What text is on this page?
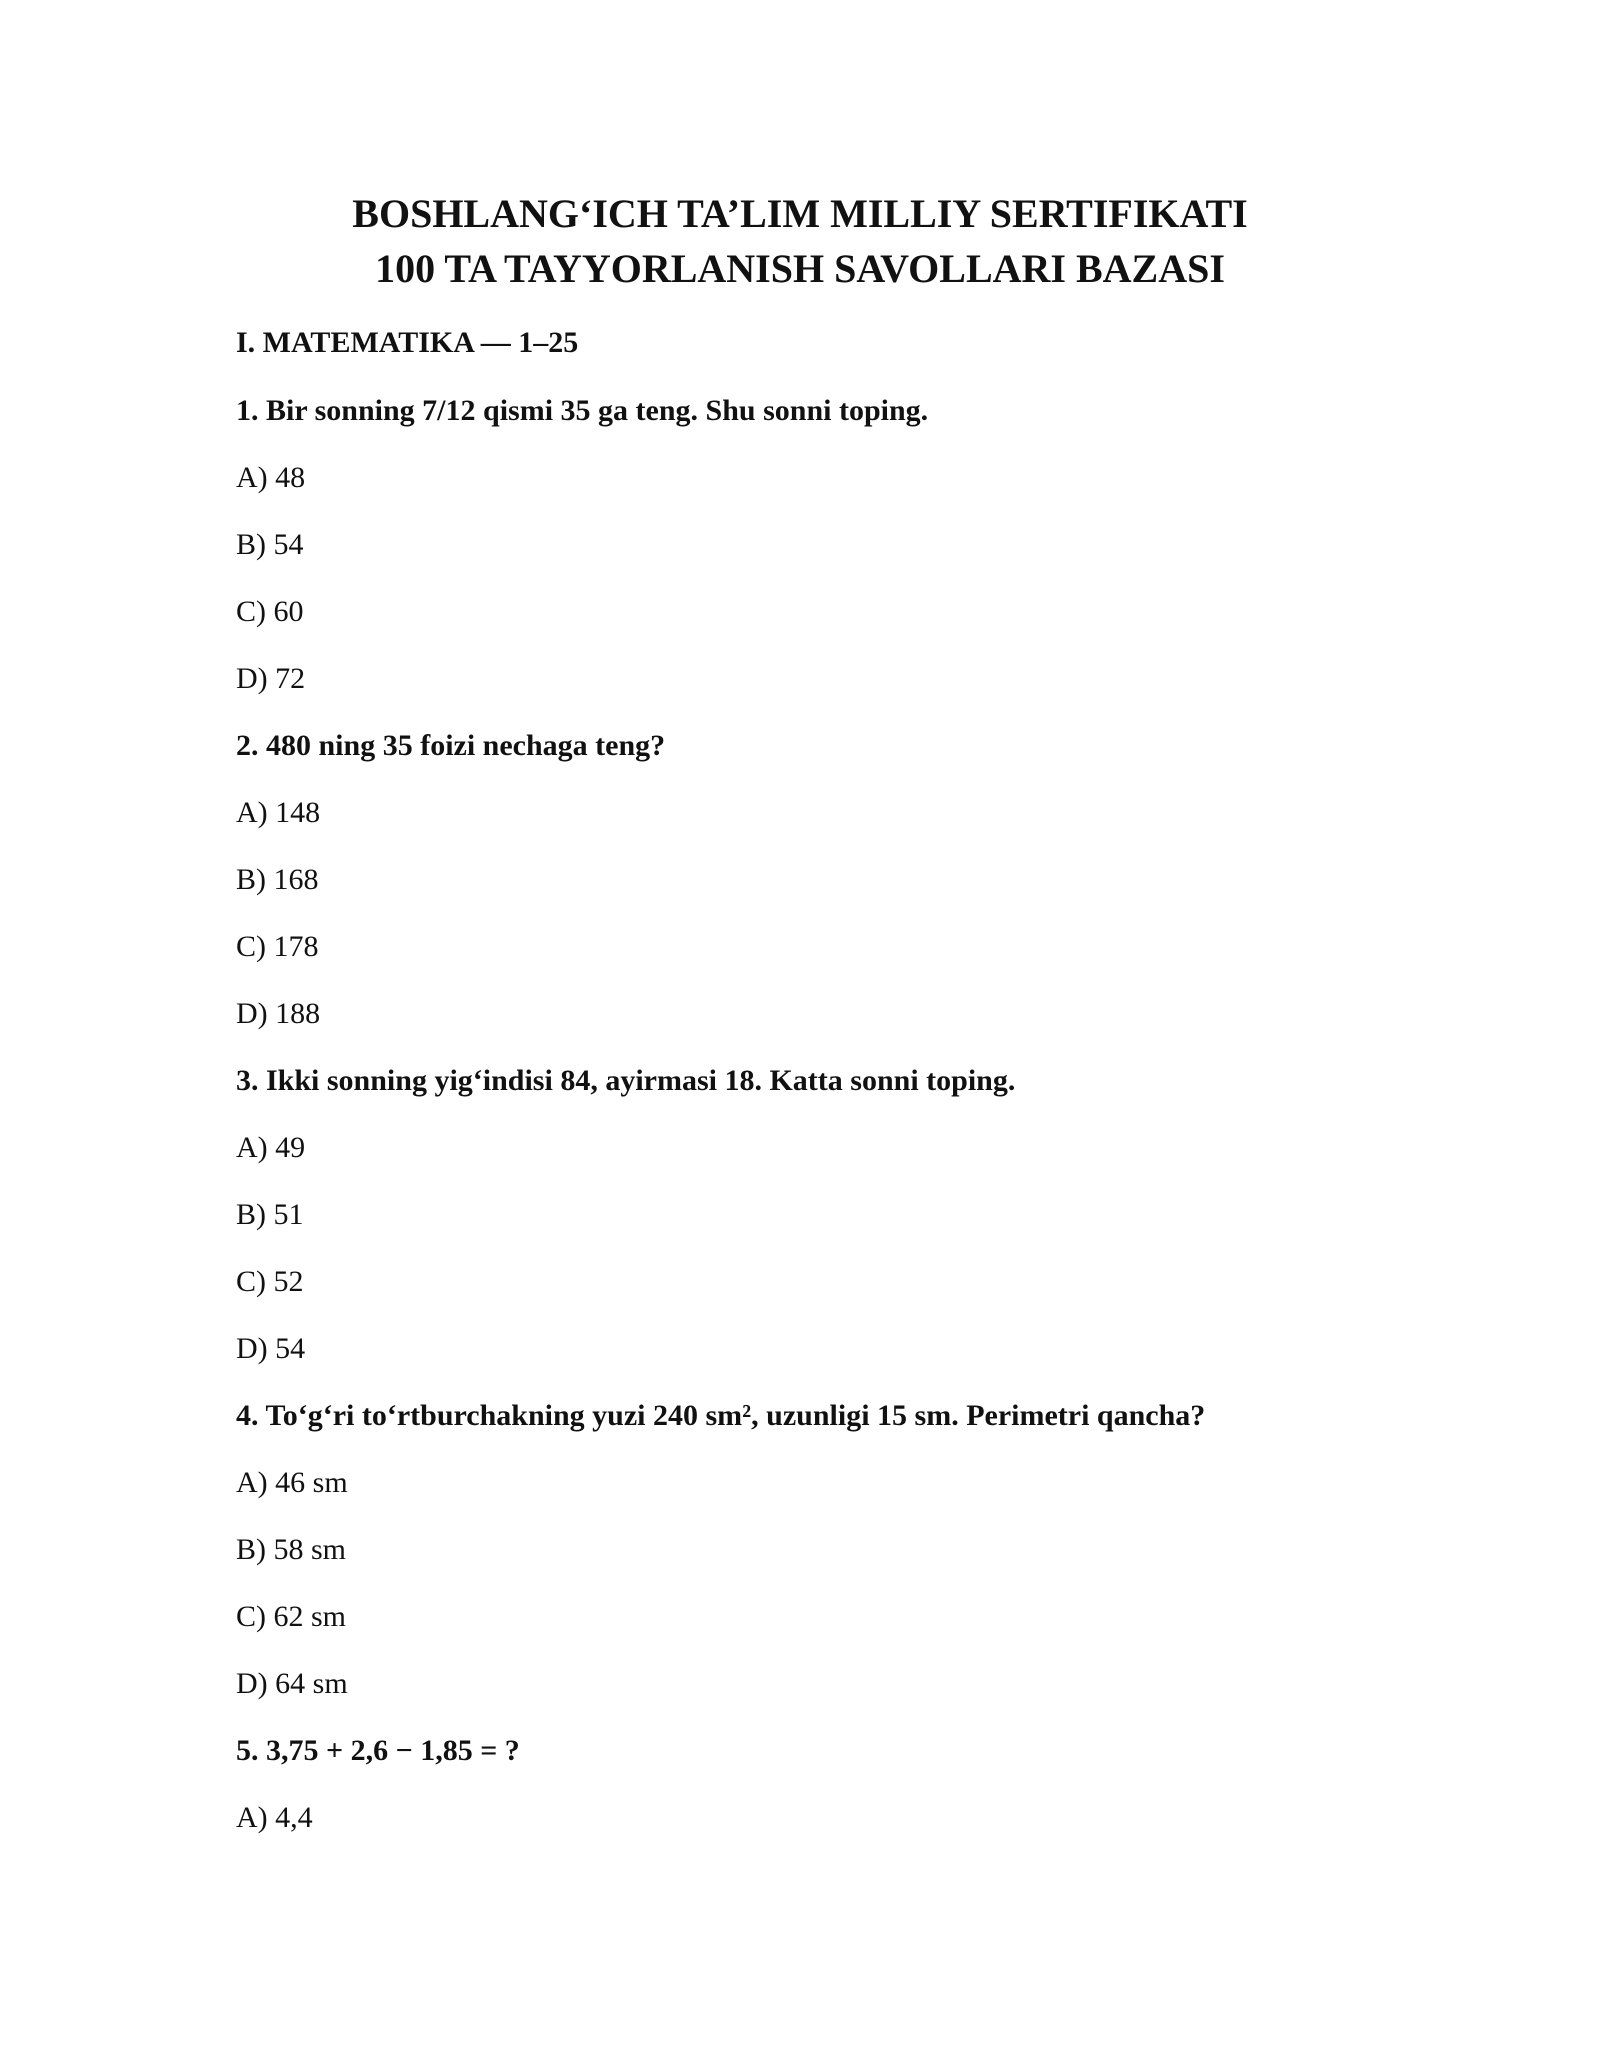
BOSHLANG‘ICH TA’LIM MILLIY SERTIFIKATI
100 TA TAYYORLANISH SAVOLLARI BAZASI
I. MATEMATIKA — 1–25
1. Bir sonning 7/12 qismi 35 ga teng. Shu sonni toping.
A) 48
B) 54
C) 60
D) 72
2. 480 ning 35 foizi nechaga teng?
A) 148
B) 168
C) 178
D) 188
3. Ikki sonning yig‘indisi 84, ayirmasi 18. Katta sonni toping.
A) 49
B) 51
C) 52
D) 54
4. To‘g‘ri to‘rtburchakning yuzi 240 sm², uzunligi 15 sm. Perimetri qancha?
A) 46 sm
B) 58 sm
C) 62 sm
D) 64 sm
5. 3,75 + 2,6 − 1,85 = ?
A) 4,4
